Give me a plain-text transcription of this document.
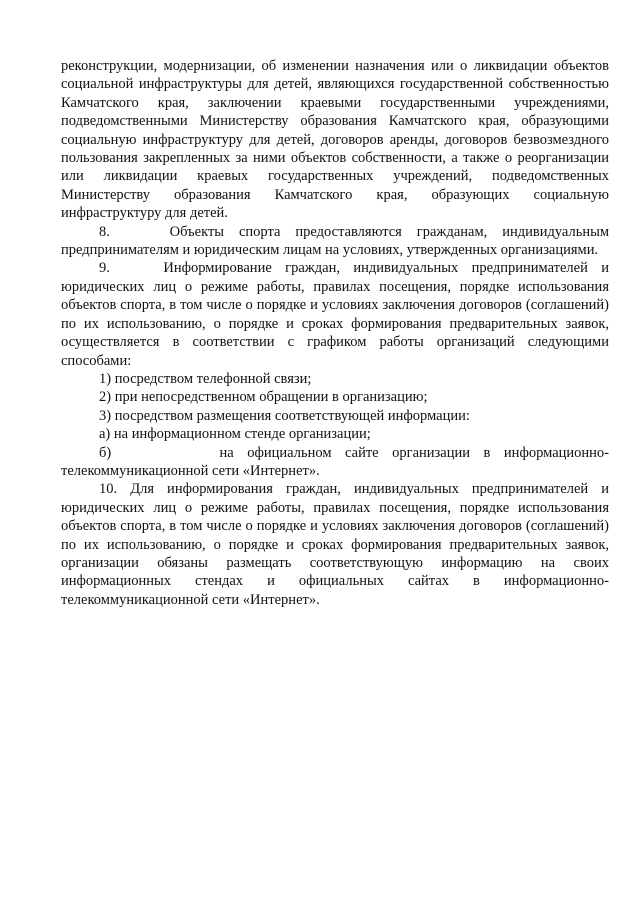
реконструкции, модернизации, об изменении назначения или о ликвидации объектов социальной инфраструктуры для детей, являющихся государственной собственностью Камчатского края, заключении краевыми государственными учреждениями, подведомственными Министерству образования Камчатского края, образующими социальную инфраструктуру для детей, договоров аренды, договоров безвозмездного пользования закрепленных за ними объектов собственности, а также о реорганизации или ликвидации краевых государственных учреждений, подведомственных Министерству образования Камчатского края, образующих социальную инфраструктуру для детей.

8.    Объекты спорта предоставляются гражданам, индивидуальным предпринимателям и юридическим лицам на условиях, утвержденных организациями.

9.    Информирование граждан, индивидуальных предпринимателей и юридических лиц о режиме работы, правилах посещения, порядке использования объектов спорта, в том числе о порядке и условиях заключения договоров (соглашений) по их использованию, о порядке и сроках формирования предварительных заявок, осуществляется в соответствии с графиком работы организаций следующими способами:

1) посредством телефонной связи;

2) при непосредственном обращении в организацию;

3) посредством размещения соответствующей информации:

а) на информационном стенде организации;

б)        на официальном сайте организации в информационно-телекоммуникационной сети «Интернет».

10. Для информирования граждан, индивидуальных предпринимателей и юридических лиц о режиме работы, правилах посещения, порядке использования объектов спорта, в том числе о порядке и условиях заключения договоров (соглашений) по их использованию, о порядке и сроках формирования предварительных заявок, организации обязаны размещать соответствующую информацию на своих информационных стендах и официальных сайтах в информационно-телекоммуникационной сети «Интернет».
